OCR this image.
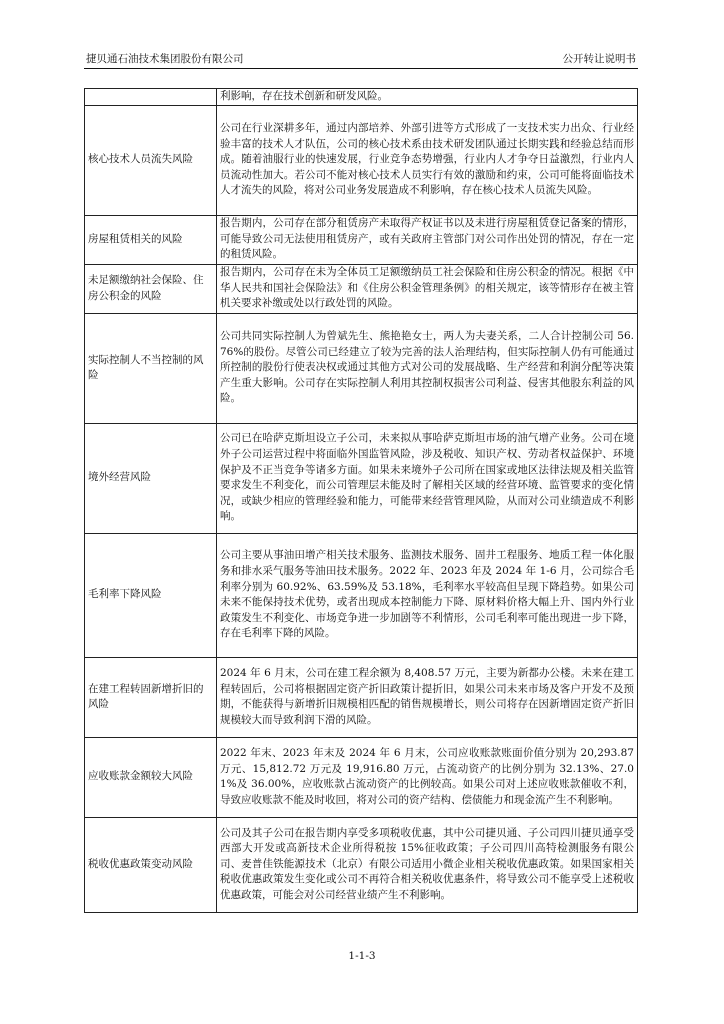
捷贝通石油技术集团股份有限公司	公开转让说明书
	利影响，存在技术创新和研发风险。
核心技术人员流失风险	公司在行业深耕多年，通过内部培养、外部引进等方式形成了一支技术实力出众、行业经验丰富的技术人才队伍，公司的核心技术系由技术研发团队通过长期实践和经验总结而形成。随着油服行业的快速发展，行业竞争态势增强，行业内人才争夺日益激烈，行业内人员流动性加大。若公司不能对核心技术人员实行有效的激励和约束，公司可能将面临技术人才流失的风险，将对公司业务发展造成不利影响，存在核心技术人员流失风险。
房屋租赁相关的风险	报告期内，公司存在部分租赁房产未取得产权证书以及未进行房屋租赁登记备案的情形，可能导致公司无法使用租赁房产，或有关政府主管部门对公司作出处罚的情况，存在一定的租赁风险。
未足额缴纳社会保险、住房公积金的风险	报告期内，公司存在未为全体员工足额缴纳员工社会保险和住房公积金的情况。根据《中华人民共和国社会保险法》和《住房公积金管理条例》的相关规定，该等情形存在被主管机关要求补缴或处以行政处罚的风险。
实际控制人不当控制的风险	公司共同实际控制人为曾斌先生、熊艳艳女士，两人为夫妻关系，二人合计控制公司 56.76%的股份。尽管公司已经建立了较为完善的法人治理结构，但实际控制人仍有可能通过所控制的股份行使表决权或通过其他方式对公司的发展战略、生产经营和利润分配等决策产生重大影响。公司存在实际控制人利用其控制权损害公司利益、侵害其他股东利益的风险。
境外经营风险	公司已在哈萨克斯坦设立子公司，未来拟从事哈萨克斯坦市场的油气增产业务。公司在境外子公司运营过程中将面临外国监管风险，涉及税收、知识产权、劳动者权益保护、环境保护及不正当竞争等诸多方面。如果未来境外子公司所在国家或地区法律法规及相关监管要求发生不利变化，而公司管理层未能及时了解相关区域的经营环境、监管要求的变化情况，或缺少相应的管理经验和能力，可能带来经营管理风险，从而对公司业绩造成不利影响。
毛利率下降风险	公司主要从事油田增产相关技术服务、监测技术服务、固井工程服务、地质工程一体化服务和排水采气服务等油田技术服务。2022 年、2023 年及 2024 年 1-6 月，公司综合毛利率分别为 60.92%、63.59%及 53.18%，毛利率水平较高但呈现下降趋势。如果公司未来不能保持技术优势，或者出现成本控制能力下降、原材料价格大幅上升、国内外行业政策发生不利变化、市场竞争进一步加剧等不利情形，公司毛利率可能出现进一步下降，存在毛利率下降的风险。
在建工程转固新增折旧的风险	2024 年 6 月末，公司在建工程余额为 8,408.57 万元，主要为新都办公楼。未来在建工程转固后，公司将根据固定资产折旧政策计提折旧，如果公司未来市场及客户开发不及预期，不能获得与新增折旧规模相匹配的销售规模增长，则公司将存在因新增固定资产折旧规模较大而导致利润下滑的风险。
应收账款金额较大风险	2022 年末、2023 年末及 2024 年 6 月末，公司应收账款账面价值分别为 20,293.87 万元、15,812.72 万元及 19,916.80 万元，占流动资产的比例分别为 32.13%、27.01%及 36.00%，应收账款占流动资产的比例较高。如果公司对上述应收账款催收不利，导致应收账款不能及时收回，将对公司的资产结构、偿债能力和现金流产生不利影响。
税收优惠政策变动风险	公司及其子公司在报告期内享受多项税收优惠，其中公司捷贝通、子公司四川捷贝通享受西部大开发或高新技术企业所得税按 15%征收政策；子公司四川高特检测服务有限公司、麦普佳铁能源技术（北京）有限公司适用小微企业相关税收优惠政策。如果国家相关税收优惠政策发生变化或公司不再符合相关税收优惠条件，将导致公司不能享受上述税收优惠政策，可能会对公司经营业绩产生不利影响。
1-1-3
